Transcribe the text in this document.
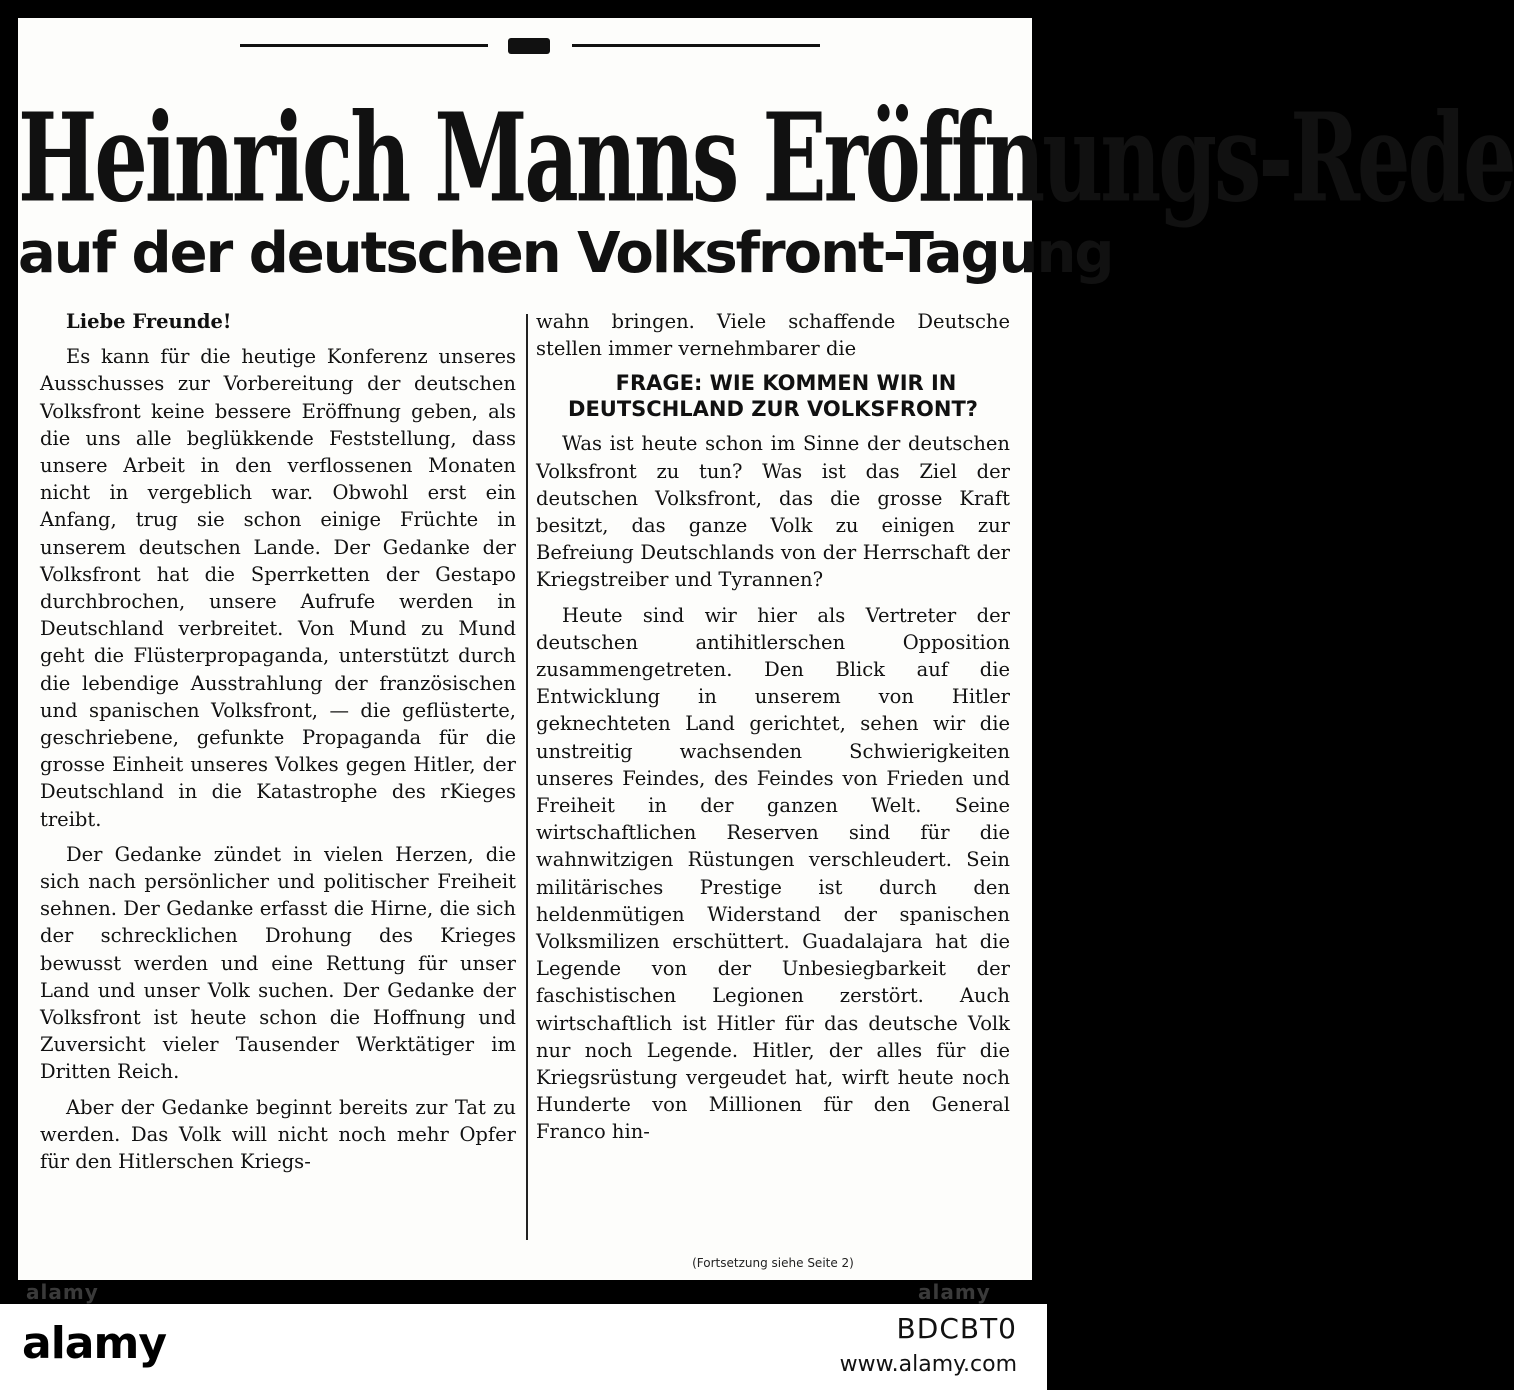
Heinrich Manns Eröffnungs-Rede
auf der deutschen Volksfront-Tagung

Liebe Freunde!

Es kann für die heutige Konferenz unseres Ausschusses zur Vorbereitung der deutschen Volksfront keine bessere Eröffnung geben, als die uns alle beglükkende Feststellung, dass unsere Arbeit in den verflossenen Monaten nicht in vergeblich war. Obwohl erst ein Anfang, trug sie schon einige Früchte in unserem deutschen Lande. Der Gedanke der Volksfront hat die Sperrketten der Gestapo durchbrochen, unsere Aufrufe werden in Deutschland verbreitet. Von Mund zu Mund geht die Flüsterpropaganda, unterstützt durch die lebendige Ausstrahlung der französischen und spanischen Volksfront, — die geflüsterte, geschriebene, gefunkte Propaganda für die grosse Einheit unseres Volkes gegen Hitler, der Deutschland in die Katastrophe des rKieges treibt.

Der Gedanke zündet in vielen Herzen, die sich nach persönlicher und politischer Freiheit sehnen. Der Gedanke erfasst die Hirne, die sich der schrecklichen Drohung des Krieges bewusst werden und eine Rettung für unser Land und unser Volk suchen. Der Gedanke der Volksfront ist heute schon die Hoffnung und Zuversicht vieler Tausender Werktätiger im Dritten Reich.

Aber der Gedanke beginnt bereits zur Tat zu werden. Das Volk will nicht noch mehr Opfer für den Hitlerschen Kriegs-

wahn bringen. Viele schaffende Deutsche stellen immer vernehmbarer die

FRAGE: WIE KOMMEN WIR IN DEUTSCHLAND ZUR VOLKSFRONT?

Was ist heute schon im Sinne der deutschen Volksfront zu tun? Was ist das Ziel der deutschen Volksfront, das die grosse Kraft besitzt, das ganze Volk zu einigen zur Befreiung Deutschlands von der Herrschaft der Kriegstreiber und Tyrannen?

Heute sind wir hier als Vertreter der deutschen antihitlerschen Opposition zusammengetreten. Den Blick auf die Entwicklung in unserem von Hitler geknechteten Land gerichtet, sehen wir die unstreitig wachsenden Schwierigkeiten unseres Feindes, des Feindes von Frieden und Freiheit in der ganzen Welt. Seine wirtschaftlichen Reserven sind für die wahnwitzigen Rüstungen verschleudert. Sein militärisches Prestige ist durch den heldenmütigen Widerstand der spanischen Volksmilizen erschüttert. Guadalajara hat die Legende von der Unbesiegbarkeit der faschistischen Legionen zerstört. Auch wirtschaftlich ist Hitler für das deutsche Volk nur noch Legende. Hitler, der alles für die Kriegsrüstung vergeudet hat, wirft heute noch Hunderte von Millionen für den General Franco hin-

(Fortsetzung siehe Seite 2)
alamy	alamy
alamy	BDCBT0
www.alamy.com
